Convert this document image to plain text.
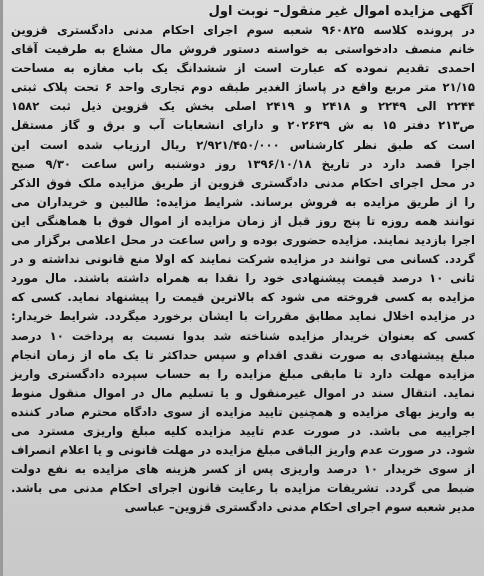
آگهی مزایده اموال غیر منقول– نوبت اول
در پرونده کلاسه ۹۶۰۸۲۵ شعبه سوم اجرای احکام مدنی دادگستری قزوین
خانم منصف دادخواستی به خواسته دستور فروش مال مشاع به طرفیت آقای
احمدی تقدیم نموده که عبارت است از ششدانگ یک باب مغازه به مساحت
۲۱/۱۵ متر مربع واقع در پاساژ الغدیر طبقه دوم تجاری واحد ۶ تحت پلاک ثبتی
۲۲۴۴ الی ۲۲۴۹ و ۲۴۱۸ و ۲۴۱۹ اصلی بخش یک قزوین ذیل ثبت ۱۵۸۲
ص۲۱۳ دفتر ۱۵ به ش ۲۰۲۶۳۹ و دارای انشعابات آب و برق و گاز مستقل
است که طبق نظر کارشناس ۲/۹۲۱/۴۵۰/۰۰۰ ریال ارزیاب شده است این
اجرا قصد دارد در تاریخ ۱۳۹۶/۱۰/۱۸ روز دوشنبه راس ساعت ۹/۳۰ صبح
در محل اجرای احکام مدنی دادگستری قزوین از طریق مزایده ملک فوق الذکر
را از طریق مزایده به فروش برساند. شرایط مزایده: طالبین و خریداران می
توانند همه روزه تا پنج روز قبل از زمان مزایده از اموال فوق با هماهنگی این
اجرا بازدید نمایند. مزایده حضوری بوده و راس ساعت در محل اعلامی برگزار می
گردد. کسانی می توانند در مزایده شرکت نمایند که اولا منع قانونی نداشته و در
ثانی ۱۰ درصد قیمت پیشنهادی خود را نقدا به همراه داشته باشند. مال مورد
مزایده به کسی فروخته می شود که بالاترین قیمت را پیشنهاد نماید. کسی که
در مزایده اخلال نماید مطابق مقررات با ایشان برخورد میگردد. شرایط خریدار:
کسی که بعنوان خریدار مزایده شناخته شد بدوا نسبت به پرداخت ۱۰ درصد
مبلغ پیشنهادی به صورت نقدی اقدام و سپس حداکثر تا یک ماه از زمان انجام
مزایده مهلت دارد تا مابقی مبلغ مزایده را به حساب سپرده دادگستری واریز
نماید. انتقال سند در اموال غیرمنقول و یا تسلیم مال در اموال منقول منوط
به واریز بهای مزایده و همچنین تایید مزایده از سوی دادگاه محترم صادر کننده
اجراییه می باشد. در صورت عدم تایید مزایده کلیه مبلغ واریزی مسترد می
شود. در صورت عدم واریز الباقی مبلغ مزایده در مهلت قانونی و یا اعلام انصراف
از سوی خریدار ۱۰ درصد واریزی پس از کسر هزینه های مزایده به نفع دولت
ضبط می گردد. تشریفات مزایده با رعایت قانون اجرای احکام مدنی می باشد.
مدیر شعبه سوم اجرای احکام مدنی دادگستری قزوین– عباسی
